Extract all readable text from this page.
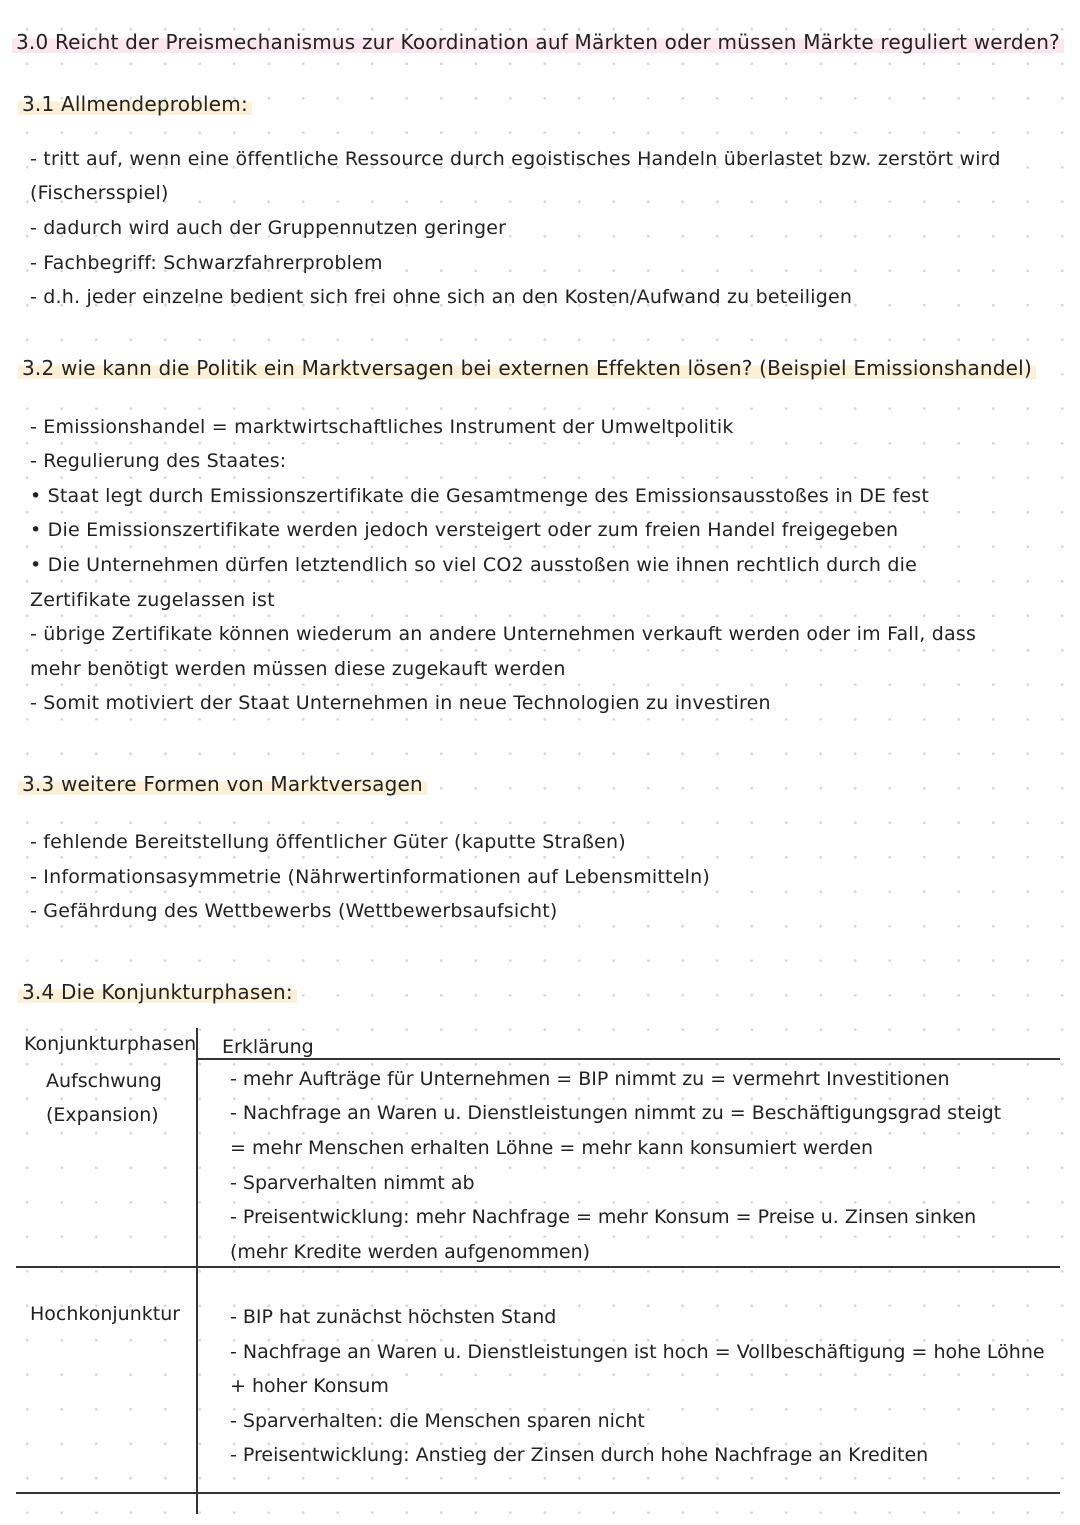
3.0 Reicht der Preismechanismus zur Koordination auf Märkten oder müssen Märkte reguliert werden?
3.1 Allmendeproblem:
- tritt auf, wenn eine öffentliche Ressource durch egoistisches Handeln überlastet bzw. zerstört wird
(Fischersspiel)
- dadurch wird auch der Gruppennutzen geringer
- Fachbegriff: Schwarzfahrerproblem
- d.h. jeder einzelne bedient sich frei ohne sich an den Kosten/Aufwand zu beteiligen
3.2 wie kann die Politik ein Marktversagen bei externen Effekten lösen? (Beispiel Emissionshandel)
- Emissionshandel = marktwirtschaftliches Instrument der Umweltpolitik
- Regulierung des Staates:
• Staat legt durch Emissionszertifikate die Gesamtmenge des Emissionsausstoßes in DE fest
• Die Emissionszertifikate werden jedoch versteigert oder zum freien Handel freigegeben
• Die Unternehmen dürfen letztendlich so viel CO2 ausstoßen wie ihnen rechtlich durch die
Zertifikate zugelassen ist
- übrige Zertifikate können wiederum an andere Unternehmen verkauft werden oder im Fall, dass
mehr benötigt werden müssen diese zugekauft werden
- Somit motiviert der Staat Unternehmen in neue Technologien zu investiren
3.3 weitere Formen von Marktversagen
- fehlende Bereitstellung öffentlicher Güter (kaputte Straßen)
- Informationsasymmetrie (Nährwertinformationen auf Lebensmitteln)
- Gefährdung des Wettbewerbs (Wettbewerbsaufsicht)
3.4 Die Konjunkturphasen:
Konjunkturphasen Erklärung
Aufschwung
(Expansion)
- mehr Aufträge für Unternehmen = BIP nimmt zu = vermehrt Investitionen
- Nachfrage an Waren u. Dienstleistungen nimmt zu = Beschäftigungsgrad steigt
= mehr Menschen erhalten Löhne = mehr kann konsumiert werden
- Sparverhalten nimmt ab
- Preisentwicklung: mehr Nachfrage = mehr Konsum = Preise u. Zinsen sinken
(mehr Kredite werden aufgenommen)
Hochkonjunktur	- BIP hat zunächst höchsten Stand
- Nachfrage an Waren u. Dienstleistungen ist hoch = Vollbeschäftigung = hohe Löhne
+ hoher Konsum
- Sparverhalten: die Menschen sparen nicht
- Preisentwicklung: Anstieg der Zinsen durch hohe Nachfrage an Krediten
